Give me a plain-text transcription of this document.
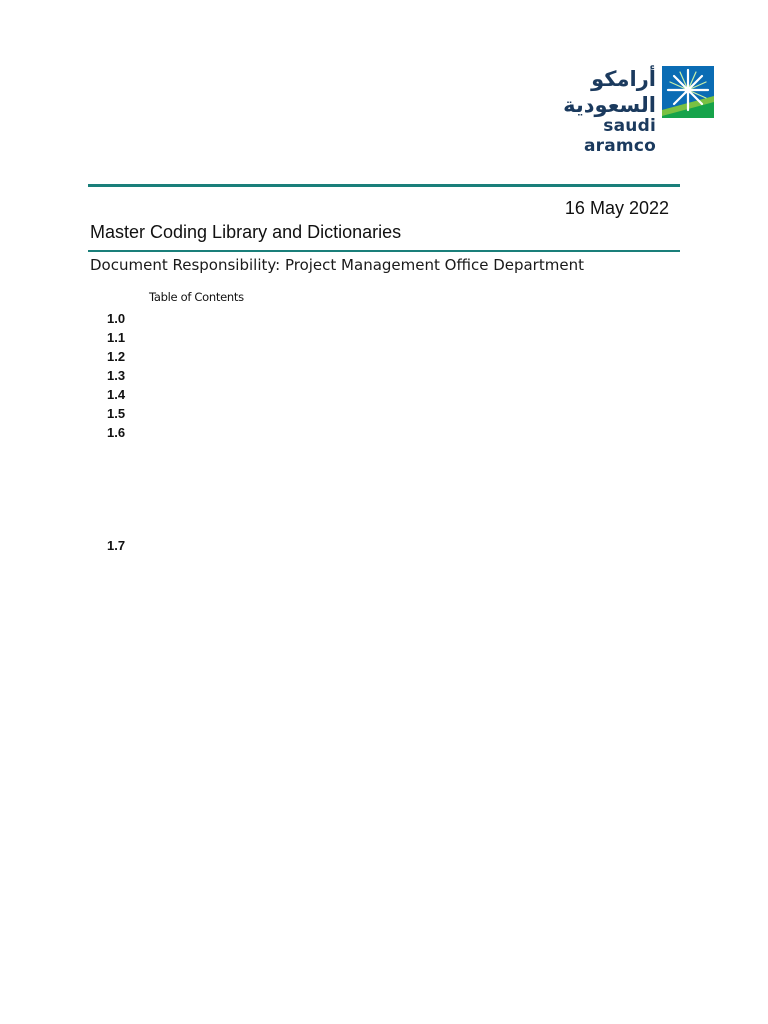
أرامكو السعودية
saudi aramco
16 May 2022
Master Coding Library and Dictionaries
Document Responsibility: Project Management Office Department
Table of Contents
1.0
1.1
1.2
1.3
1.4
1.5
1.6
1.7
